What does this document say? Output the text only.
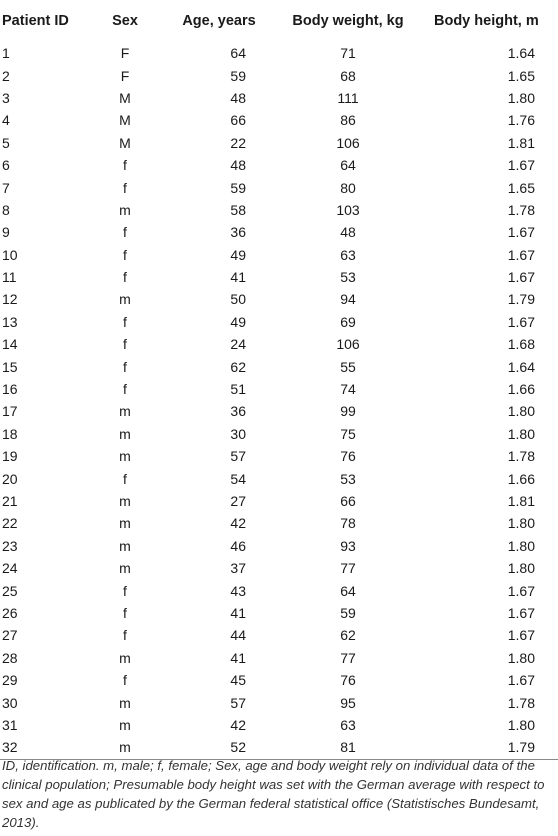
Patient ID	Sex	Age, years	Body weight, kg	Body height, m
1	F	64	71	1.64
2	F	59	68	1.65
3	M	48	111	1.80
4	M	66	86	1.76
5	M	22	106	1.81
6	f	48	64	1.67
7	f	59	80	1.65
8	m	58	103	1.78
9	f	36	48	1.67
10	f	49	63	1.67
11	f	41	53	1.67
12	m	50	94	1.79
13	f	49	69	1.67
14	f	24	106	1.68
15	f	62	55	1.64
16	f	51	74	1.66
17	m	36	99	1.80
18	m	30	75	1.80
19	m	57	76	1.78
20	f	54	53	1.66
21	m	27	66	1.81
22	m	42	78	1.80
23	m	46	93	1.80
24	m	37	77	1.80
25	f	43	64	1.67
26	f	41	59	1.67
27	f	44	62	1.67
28	m	41	77	1.80
29	f	45	76	1.67
30	m	57	95	1.78
31	m	42	63	1.80
32	m	52	81	1.79
ID, identification. m, male; f, female; Sex, age and body weight rely on individual data of the clinical population; Presumable body height was set with the German average with respect to sex and age as publicated by the German federal statistical office (Statistisches Bundesamt, 2013).
